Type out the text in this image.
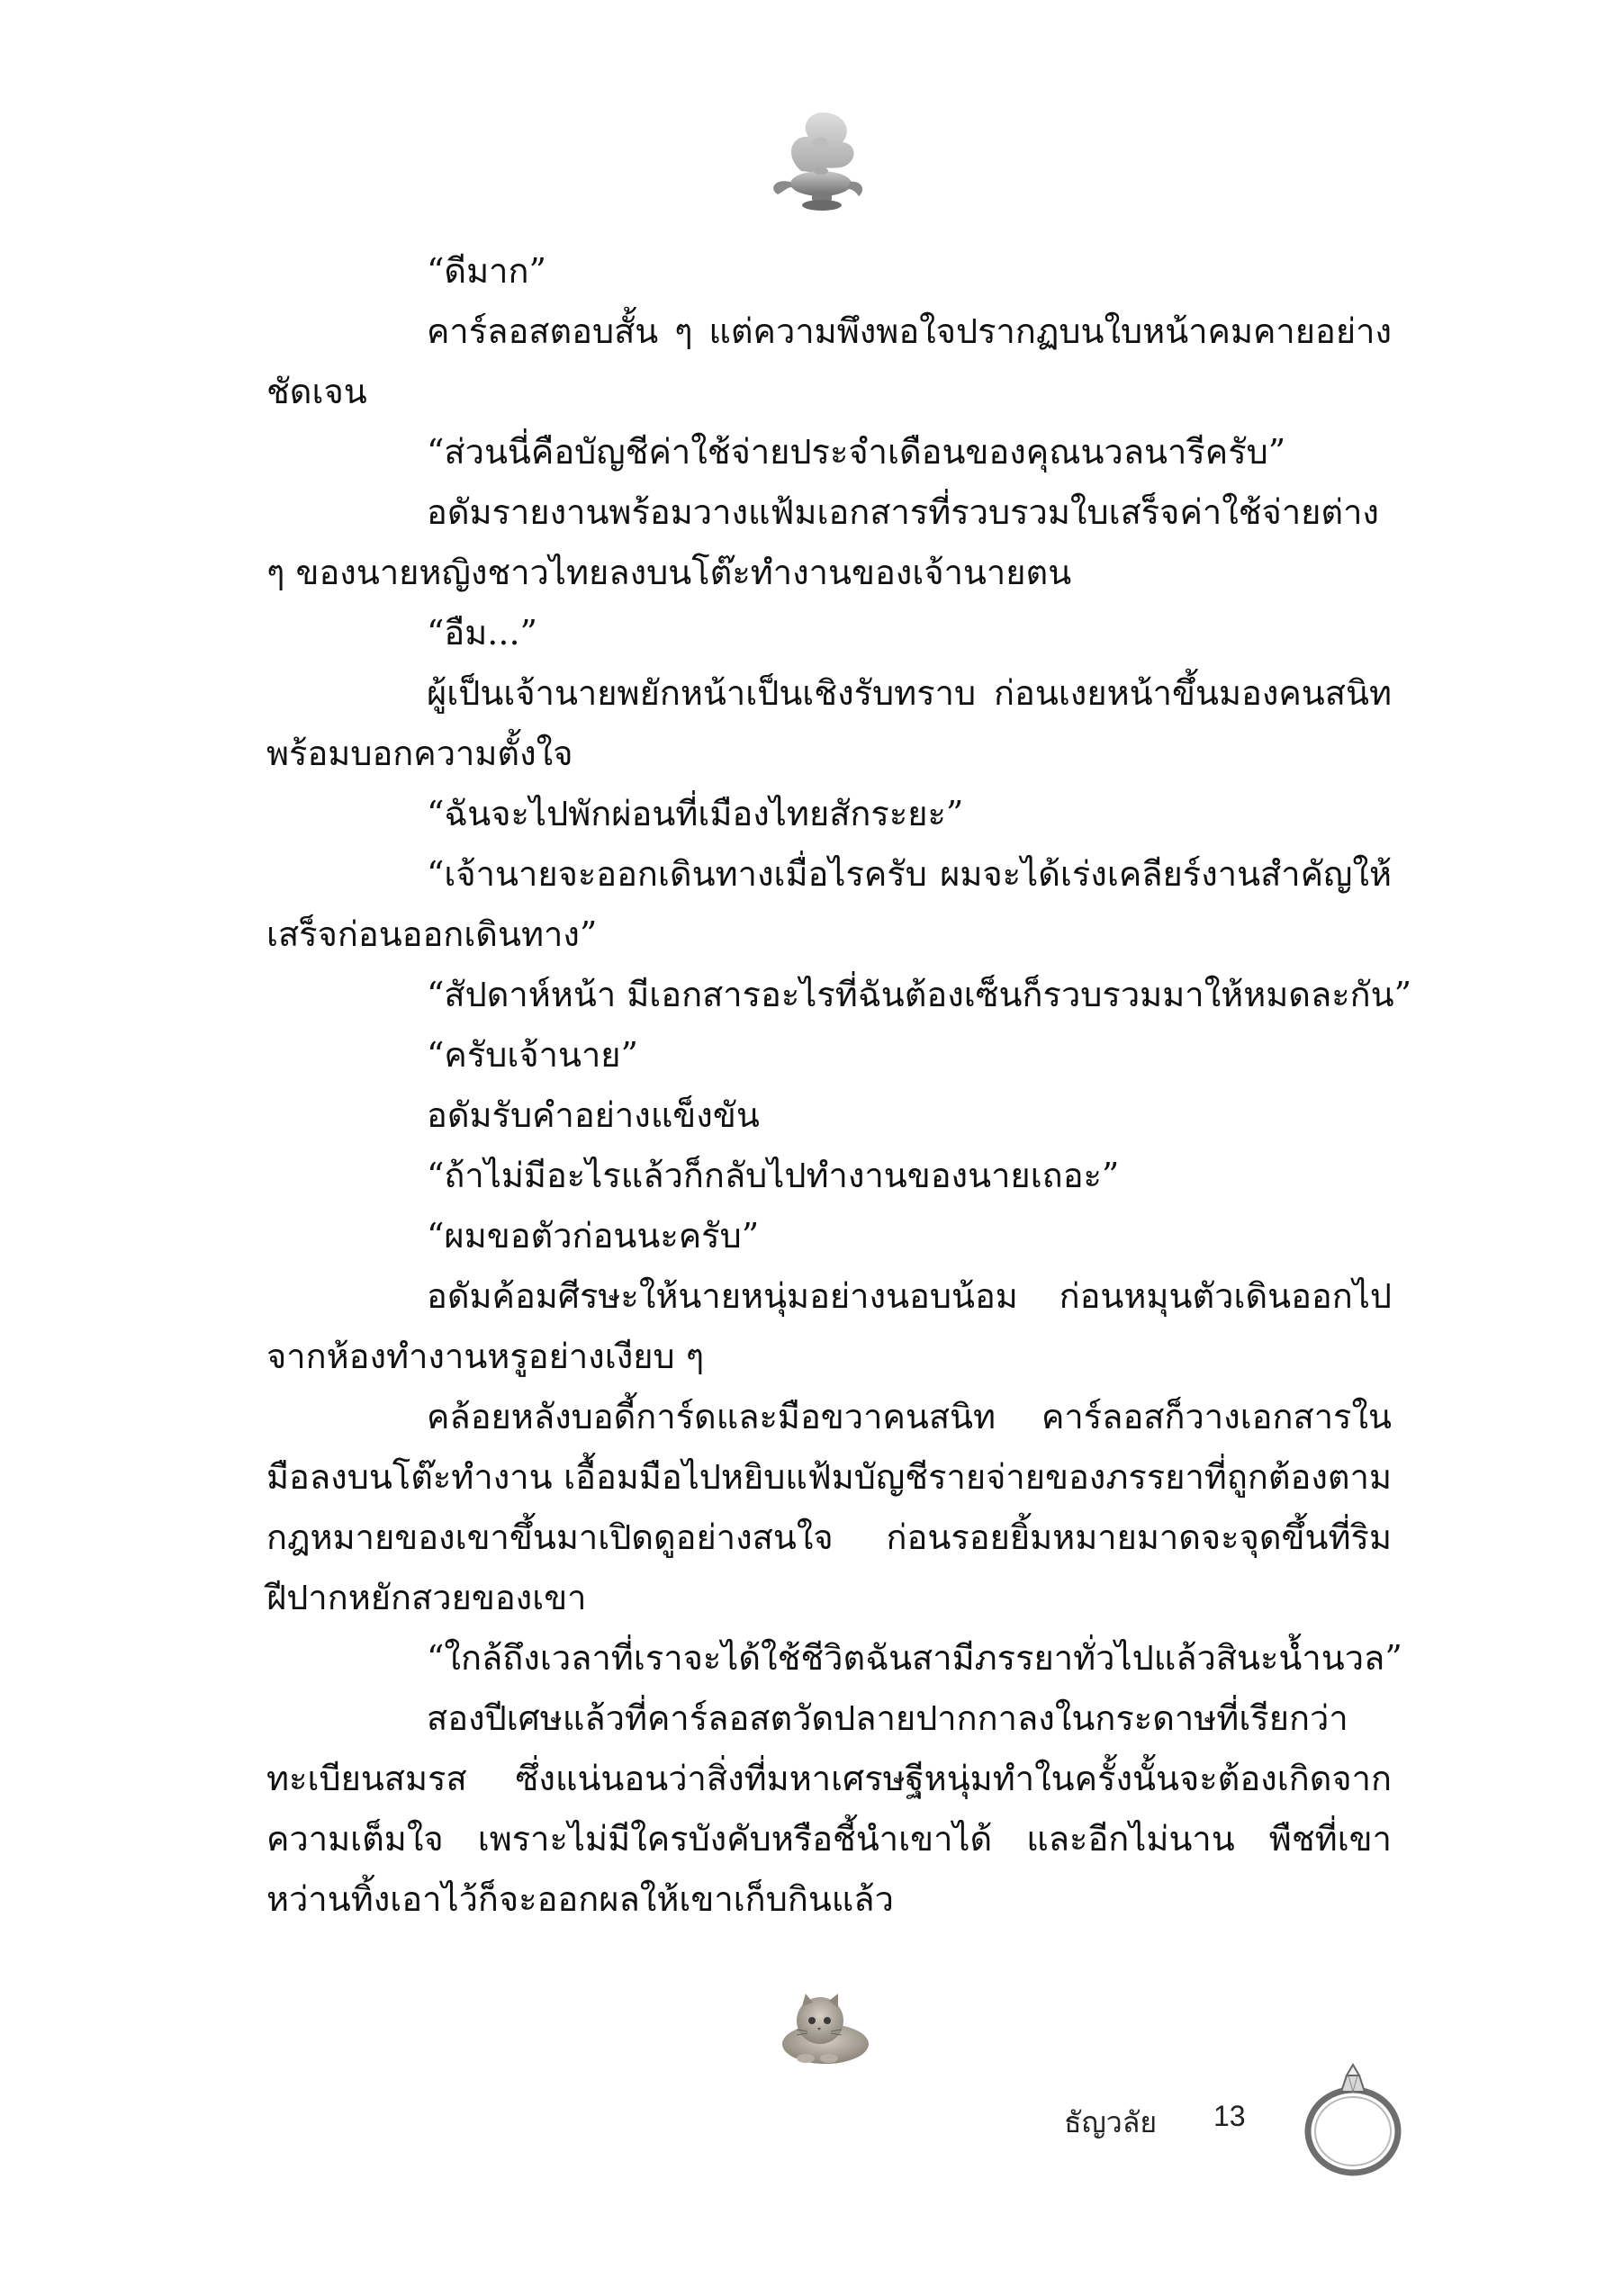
“ดีมาก”

คาร์ลอสตอบสั้น ๆ แต่ความพึงพอใจปรากฏบนใบหน้าคมคายอย่างชัดเจน

“ส่วนนี่คือบัญชีค่าใช้จ่ายประจำเดือนของคุณนวลนารีครับ”

อดัมรายงานพร้อมวางแฟ้มเอกสารที่รวบรวมใบเสร็จค่าใช้จ่ายต่าง ๆ ของนายหญิงชาวไทยลงบนโต๊ะทำงานของเจ้านายตน

“อืม...”

ผู้เป็นเจ้านายพยักหน้าเป็นเชิงรับทราบ ก่อนเงยหน้าขึ้นมองคนสนิท พร้อมบอกความตั้งใจ

“ฉันจะไปพักผ่อนที่เมืองไทยสักระยะ”

“เจ้านายจะออกเดินทางเมื่อไรครับ ผมจะได้เร่งเคลียร์งานสำคัญให้เสร็จก่อนออกเดินทาง”

“สัปดาห์หน้า มีเอกสารอะไรที่ฉันต้องเซ็นก็รวบรวมมาให้หมดละกัน”

“ครับเจ้านาย”

อดัมรับคำอย่างแข็งขัน

“ถ้าไม่มีอะไรแล้วก็กลับไปทำงานของนายเถอะ”

“ผมขอตัวก่อนนะครับ”

อดัมค้อมศีรษะให้นายหนุ่มอย่างนอบน้อม ก่อนหมุนตัวเดินออกไปจากห้องทำงานหรูอย่างเงียบ ๆ

คล้อยหลังบอดี้การ์ดและมือขวาคนสนิท คาร์ลอสก็วางเอกสารในมือลงบนโต๊ะทำงาน เอื้อมมือไปหยิบแฟ้มบัญชีรายจ่ายของภรรยาที่ถูกต้องตามกฎหมายของเขาขึ้นมาเปิดดูอย่างสนใจ ก่อนรอยยิ้มหมายมาดจะจุดขึ้นที่ริมฝีปากหยักสวยของเขา

“ใกล้ถึงเวลาที่เราจะได้ใช้ชีวิตฉันสามีภรรยาทั่วไปแล้วสินะน้ำนวล”

สองปีเศษแล้วที่คาร์ลอสตวัดปลายปากกาลงในกระดาษที่เรียกว่าทะเบียนสมรส ซึ่งแน่นอนว่าสิ่งที่มหาเศรษฐีหนุ่มทำในครั้งนั้นจะต้องเกิดจากความเต็มใจ เพราะไม่มีใครบังคับหรือชี้นำเขาได้ และอีกไม่นาน พืชที่เขาหว่านทิ้งเอาไว้ก็จะออกผลให้เขาเก็บกินแล้ว

ธัญวลัย 13
